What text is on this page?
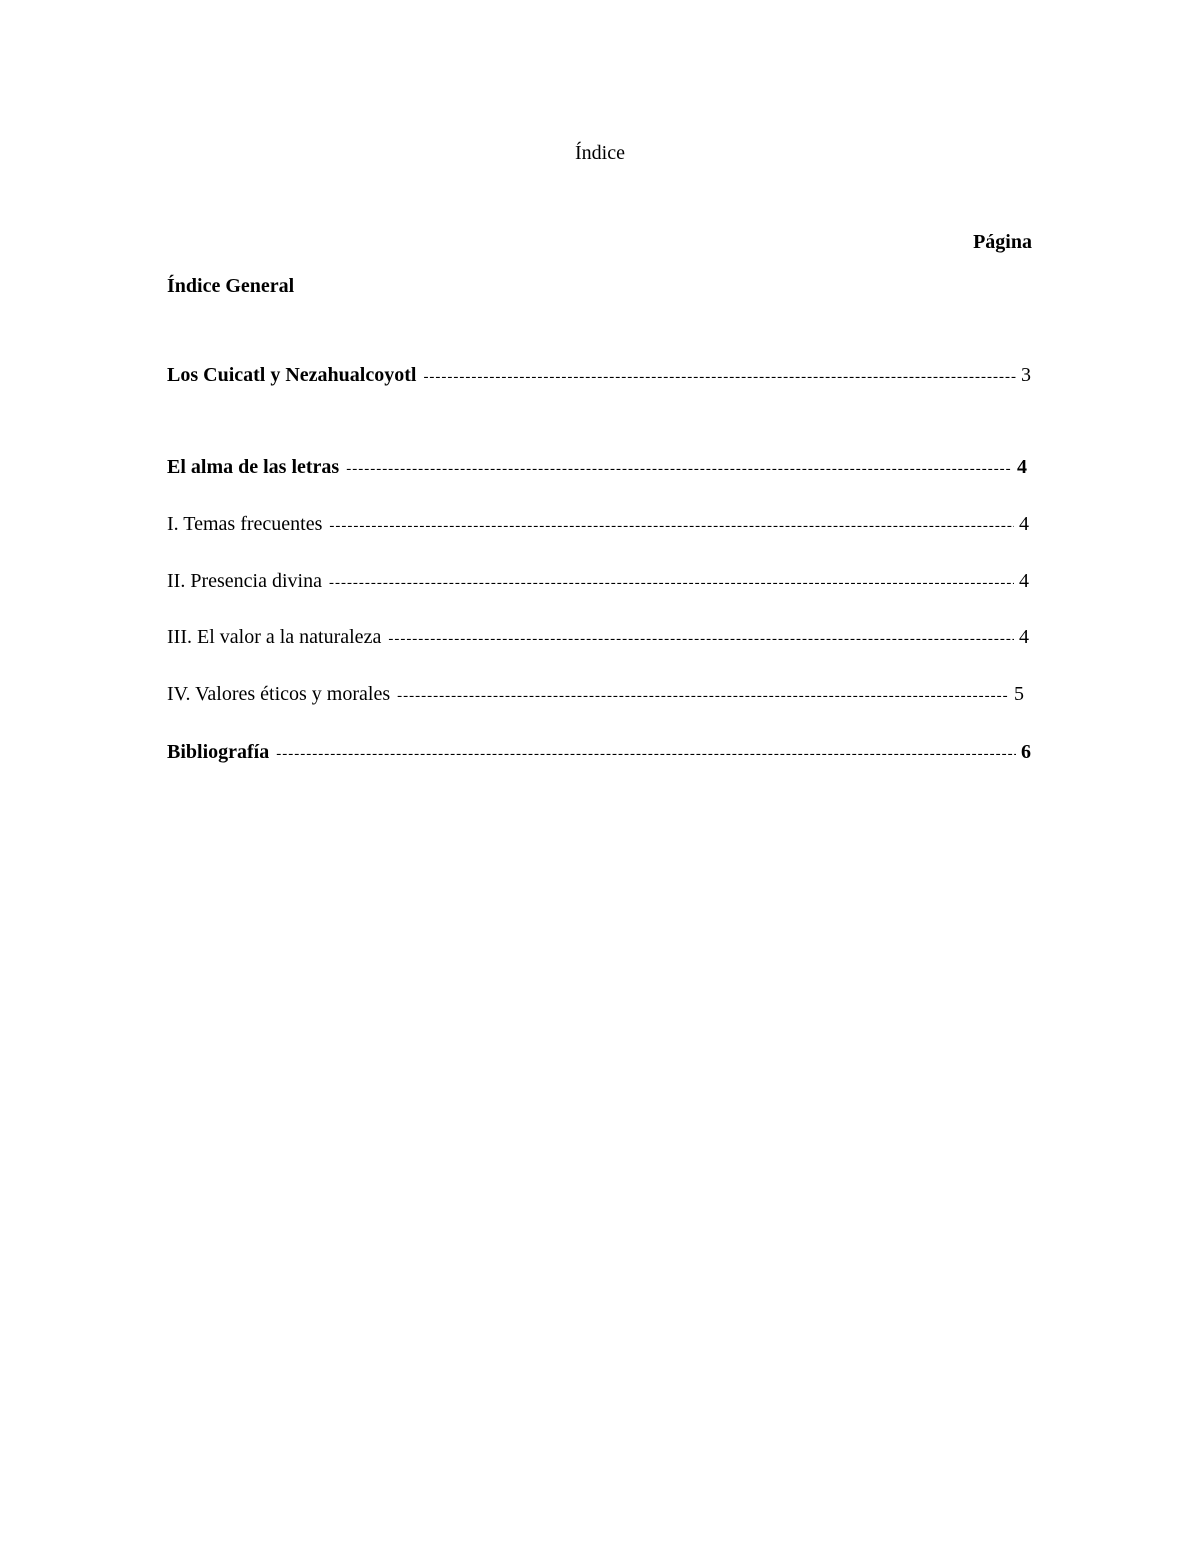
Índice
Página
Índice General
Los Cuicatl y Nezahualcoyotl -----	3
El alma de las letras -----	4
I. Temas frecuentes -----	4
II. Presencia divina -----	4
III. El valor a la naturaleza -----	4
IV. Valores éticos y morales -----	5
Bibliografía -----	6
